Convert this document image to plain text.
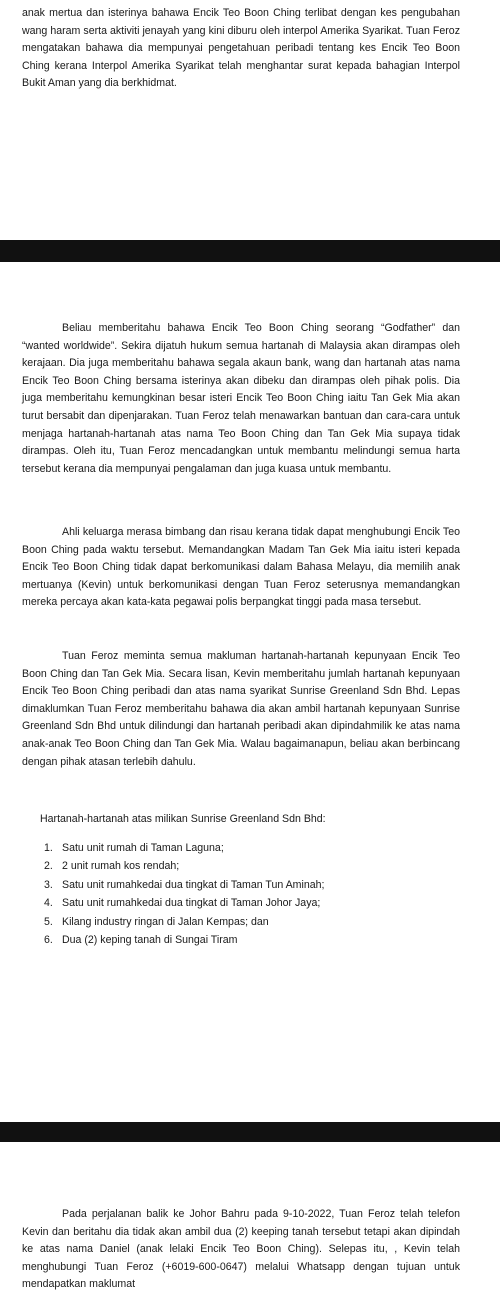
anak mertua dan isterinya bahawa Encik Teo Boon Ching terlibat dengan kes pengubahan wang haram serta aktiviti jenayah yang kini diburu oleh interpol Amerika Syarikat. Tuan Feroz mengatakan bahawa dia mempunyai pengetahuan peribadi tentang kes Encik Teo Boon Ching kerana Interpol Amerika Syarikat telah menghantar surat kepada bahagian Interpol Bukit Aman yang dia berkhidmat.

Beliau memberitahu bahawa Encik Teo Boon Ching seorang “Godfather” dan “wanted worldwide”. Sekira dijatuh hukum semua hartanah di Malaysia akan dirampas oleh kerajaan. Dia juga memberitahu bahawa segala akaun bank, wang dan hartanah atas nama Encik Teo Boon Ching bersama isterinya akan dibeku dan dirampas oleh pihak polis. Dia juga memberitahu kemungkinan besar isteri Encik Teo Boon Ching iaitu Tan Gek Mia akan turut bersabit dan dipenjarakan. Tuan Feroz telah menawarkan bantuan dan cara-cara untuk menjaga hartanah-hartanah atas nama Teo Boon Ching dan Tan Gek Mia supaya tidak dirampas. Oleh itu, Tuan Feroz mencadangkan untuk membantu melindungi semua harta tersebut kerana dia mempunyai pengalaman dan juga kuasa untuk membantu.

Ahli keluarga merasa bimbang dan risau kerana tidak dapat menghubungi Encik Teo Boon Ching pada waktu tersebut. Memandangkan Madam Tan Gek Mia iaitu isteri kepada Encik Teo Boon Ching tidak dapat berkomunikasi dalam Bahasa Melayu, dia memilih anak mertuanya (Kevin) untuk berkomunikasi dengan Tuan Feroz seterusnya memandangkan mereka percaya akan kata-kata pegawai polis berpangkat tinggi pada masa tersebut.

Tuan Feroz meminta semua makluman hartanah-hartanah kepunyaan Encik Teo Boon Ching dan Tan Gek Mia. Secara lisan, Kevin memberitahu jumlah hartanah kepunyaan Encik Teo Boon Ching peribadi dan atas nama syarikat Sunrise Greenland Sdn Bhd. Lepas dimaklumkan Tuan Feroz memberitahu bahawa dia akan ambil hartanah kepunyaan Sunrise Greenland Sdn Bhd untuk dilindungi dan hartanah peribadi akan dipindahmilik ke atas nama anak-anak Teo Boon Ching dan Tan Gek Mia. Walau bagaimanapun, beliau akan berbincang dengan pihak atasan terlebih dahulu.

Hartanah-hartanah atas milikan Sunrise Greenland Sdn Bhd:

1. Satu unit rumah di Taman Laguna;
2. 2 unit rumah kos rendah;
3. Satu unit rumahkedai dua tingkat di Taman Tun Aminah;
4. Satu unit rumahkedai dua tingkat di Taman Johor Jaya;
5. Kilang industry ringan di Jalan Kempas; dan
6. Dua (2) keping tanah di Sungai Tiram

Pada perjalanan balik ke Johor Bahru pada 9-10-2022, Tuan Feroz telah telefon Kevin dan beritahu dia tidak akan ambil dua (2) keeping tanah tersebut tetapi akan dipindah ke atas nama Daniel (anak lelaki Encik Teo Boon Ching). Selepas itu, , Kevin telah menghubungi Tuan Feroz (+6019-600-0647) melalui Whatsapp dengan tujuan untuk mendapatkan maklumat
